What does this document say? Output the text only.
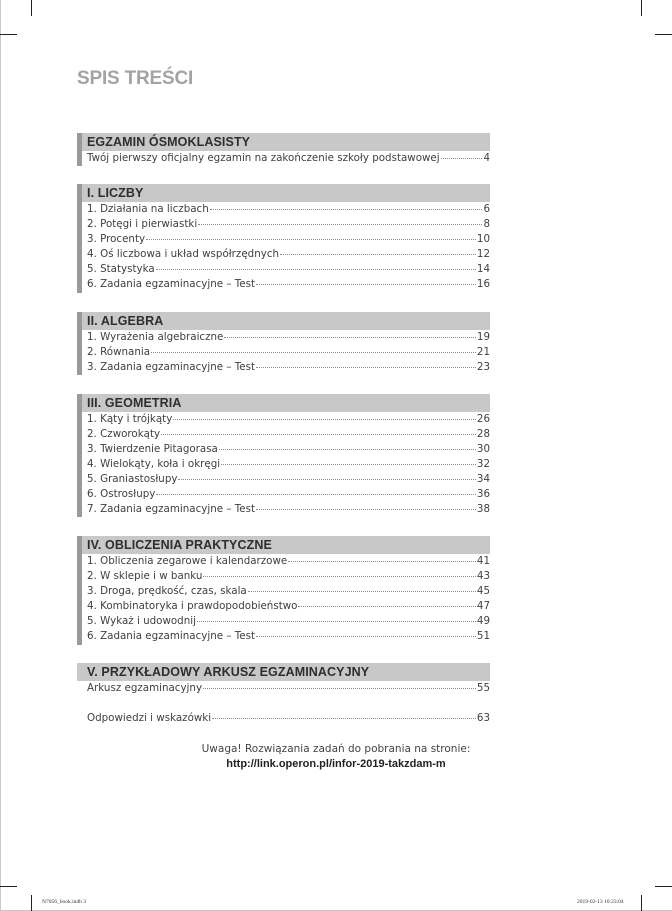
SPIS TREŚCI
EGZAMIN ÓSMOKLASISTY
Twój pierwszy oficjalny egzamin na zakończenie szkoły podstawowej	4
I. LICZBY
1. Działania na liczbach	6
2. Potęgi i pierwiastki	8
3. Procenty	10
4. Oś liczbowa i układ współrzędnych	12
5. Statystyka	14
6. Zadania egzaminacyjne – Test	16
II. ALGEBRA
1. Wyrażenia algebraiczne	19
2. Równania	21
3. Zadania egzaminacyjne – Test	23
III. GEOMETRIA
1. Kąty i trójkąty	26
2. Czworokąty	28
3. Twierdzenie Pitagorasa	30
4. Wielokąty, koła i okręgi	32
5. Graniastosłupy	34
6. Ostrosłupy	36
7. Zadania egzaminacyjne – Test	38
IV. OBLICZENIA PRAKTYCZNE
1. Obliczenia zegarowe i kalendarzowe	41
2. W sklepie i w banku	43
3. Droga, prędkość, czas, skala	45
4. Kombinatoryka i prawdopodobieństwo	47
5. Wykaż i udowodnij	49
6. Zadania egzaminacyjne – Test	51
V. PRZYKŁADOWY ARKUSZ EGZAMINACYJNY
Arkusz egzaminacyjny	55
Odpowiedzi i wskazówki	63
Uwaga! Rozwiązania zadań do pobrania na stronie:
http://link.operon.pl/infor-2019-takzdam-m
N7056_book.indb 3	2019-02-13 10:23:04
